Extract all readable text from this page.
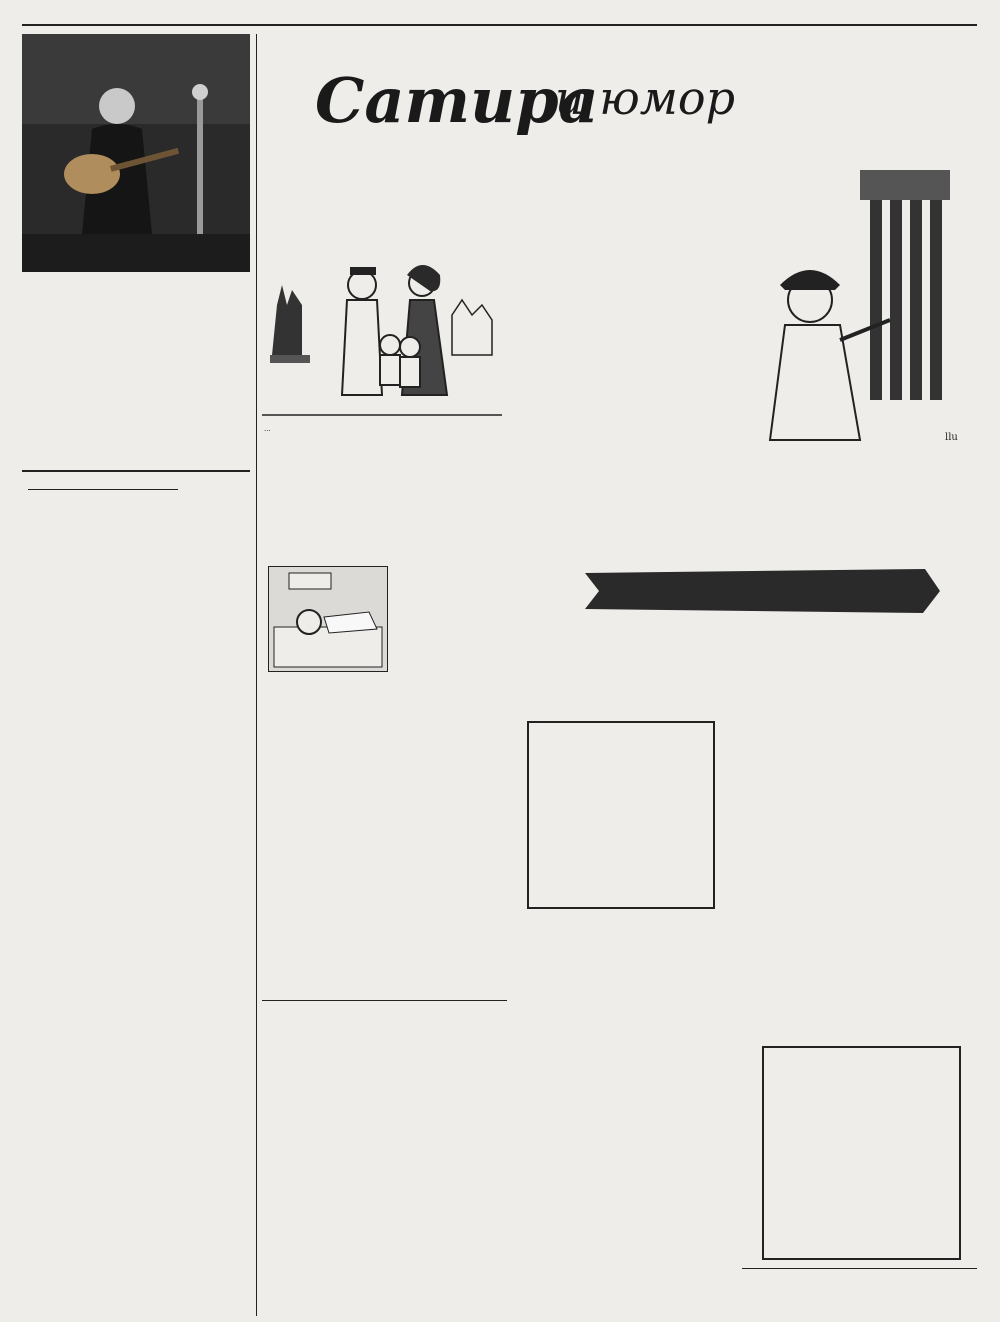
Сатира
и юмор

...

llu
